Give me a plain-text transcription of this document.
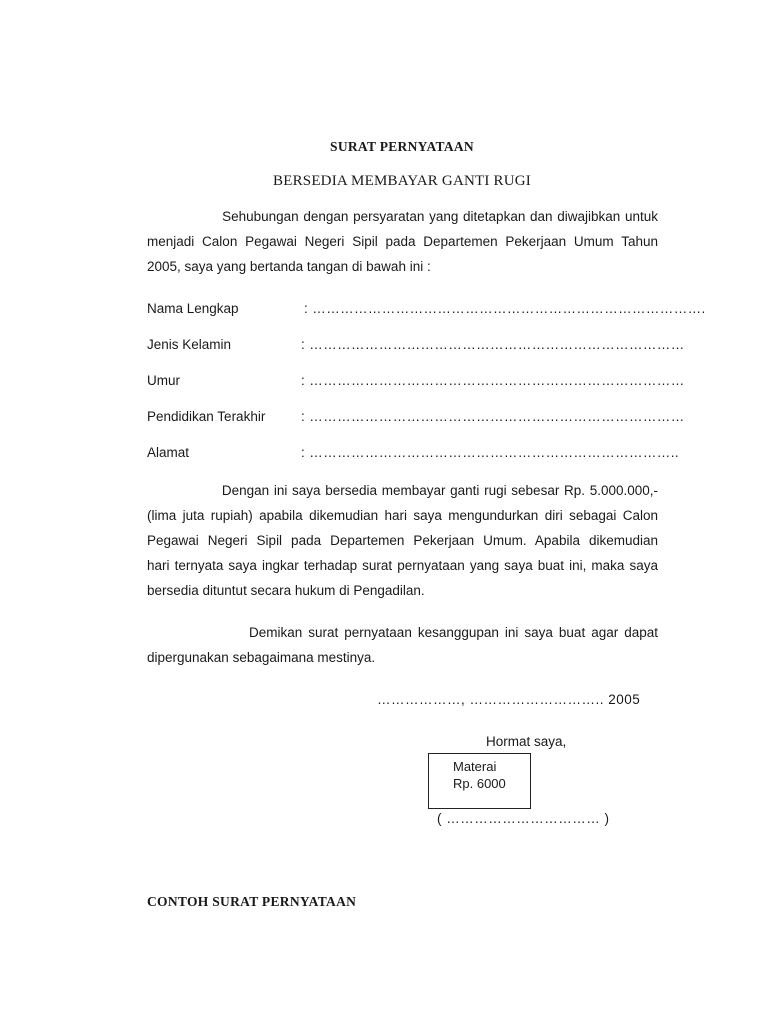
SURAT PERNYATAAN
BERSEDIA MEMBAYAR GANTI RUGI
Sehubungan dengan persyaratan yang ditetapkan dan diwajibkan untuk
menjadi Calon Pegawai Negeri Sipil pada Departemen Pekerjaan Umum Tahun
2005, saya yang bertanda tangan di bawah ini :
Nama Lengkap	: ………………………………………………………………………….
Jenis Kelamin	: ………………………………………………………………………
Umur	: ………………………………………………………………………
Pendidikan Terakhir	: ………………………………………………………………………
Alamat	: ……………………………………………………………………..
Dengan ini saya bersedia membayar ganti rugi sebesar Rp. 5.000.000,-
(lima juta rupiah) apabila dikemudian hari saya mengundurkan diri sebagai Calon
Pegawai Negeri Sipil pada Departemen Pekerjaan Umum. Apabila dikemudian
hari ternyata saya ingkar terhadap surat pernyataan yang saya buat ini, maka saya
bersedia dituntut secara hukum di Pengadilan.
Demikan surat pernyataan kesanggupan ini saya buat agar dapat
dipergunakan sebagaimana mestinya.
………………, ……………………….. 2005
Hormat saya,
Materai
Rp. 6000
( …………………………… )
CONTOH SURAT PERNYATAAN
